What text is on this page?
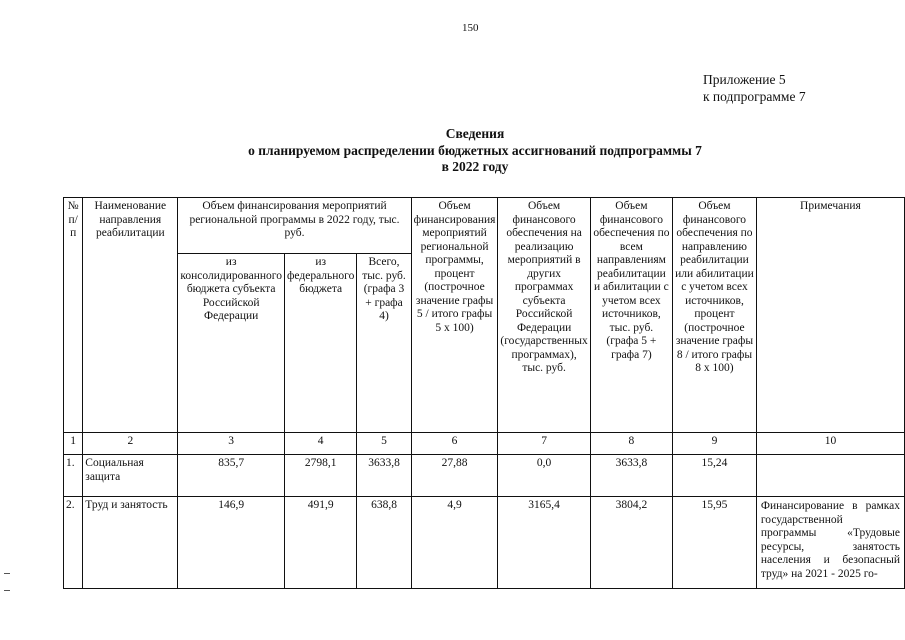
150
Приложение 5
к подпрограмме 7
Сведения
о планируемом распределении бюджетных ассигнований подпрограммы 7
в 2022 году
№ п/ п	Наименование направления реабилитации	Объем финансирования мероприятий региональной программы в 2022 году, тыс. руб.			Объем финансирования мероприятий региональной программы, процент (построчное значение графы 5 / итого графы 5 x 100)	Объем финансового обеспечения на реализацию мероприятий в других программах субъекта Российской Федерации (государственных программах), тыс. руб.	Объем финансового обеспечения по всем направлениям реабилитации и абилитации с учетом всех источников, тыс. руб. (графа 5 + графа 7)	Объем финансового обеспечения по направлению реабилитации или абилитации с учетом всех источников, процент (построчное значение графы 8 / итого графы 8 x 100)	Примечания
		из консолидированного бюджета субъекта Российской Федерации	из федерального бюджета	Всего, тыс. руб. (графа 3 + графа 4)					
1	2	3	4	5	6	7	8	9	10
1.	Социальная защита	835,7	2798,1	3633,8	27,88	0,0	3633,8	15,24	
2.	Труд и занятость	146,9	491,9	638,8	4,9	3165,4	3804,2	15,95	Финансирование в рамках государственной программы «Трудовые ресурсы, занятость населения и безопасный труд» на 2021 - 2025 го-
